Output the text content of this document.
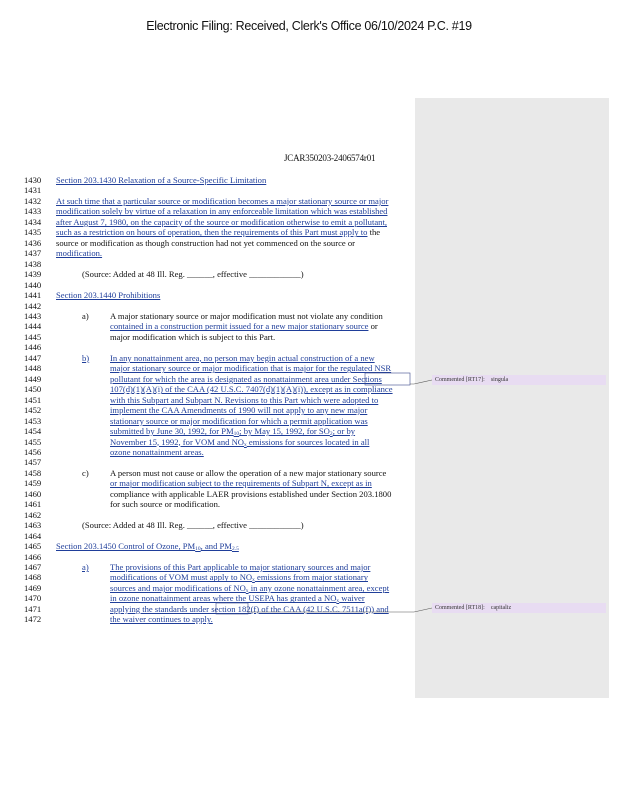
Electronic Filing: Received, Clerk's Office 06/10/2024 P.C. #19
JCAR350203-2406574r01
1430 Section 203.1430 Relaxation of a Source-Specific Limitation
1431
1432 At such time that a particular source or modification becomes a major stationary source or major
1433 modification solely by virtue of a relaxation in any enforceable limitation which was established
1434 after August 7, 1980, on the capacity of the source or modification otherwise to emit a pollutant,
1435 such as a restriction on hours of operation, then the requirements of this Part must apply to the
1436 source or modification as though construction had not yet commenced on the source or
1437 modification.
1438
1439	(Source: Added at 48 Ill. Reg. ______, effective ____________)
1440
1441 Section 203.1440 Prohibitions
1442
1443	a) A major stationary source or major modification must not violate any condition
1444	contained in a construction permit issued for a new major stationary source or
1445	major modification which is subject to this Part.
1446
1447	b) In any nonattainment area, no person may begin actual construction of a new
1448	major stationary source or major modification that is major for the regulated NSR
1449	pollutant for which the area is designated as nonattainment area under Sections
1450	107(d)(1)(A)(i) of the CAA (42 U.S.C. 7407(d)(1)(A)(i)), except as in compliance
1451	with this Subpart and Subpart N. Revisions to this Part which were adopted to
1452	implement the CAA Amendments of 1990 will not apply to any new major
1453	stationary source or major modification for which a permit application was
1454	submitted by June 30, 1992, for PM10; by May 15, 1992, for SO2; or by
1455	November 15, 1992, for VOM and NOx emissions for sources located in all
1456	ozone nonattainment areas.
1457
1458	c) A person must not cause or allow the operation of a new major stationary source
1459	or major modification subject to the requirements of Subpart N, except as in
1460	compliance with applicable LAER provisions established under Section 203.1800
1461	for such source or modification.
1462
1463	(Source: Added at 48 Ill. Reg. ______, effective ____________)
1464
1465 Section 203.1450 Control of Ozone, PM10, and PM2.5
1466
1467	a) The provisions of this Part applicable to major stationary sources and major
1468	modifications of VOM must apply to NOx emissions from major stationary
1469	sources and major modifications of NOx in any ozone nonattainment area, except
1470	in ozone nonattainment areas where the USEPA has granted a NOx waiver
1471	applying the standards under section 182(f) of the CAA (42 U.S.C. 7511a(f)) and
1472	the waiver continues to apply.
Commented [RT17]: singula
Commented [RT18]: capitaliz
